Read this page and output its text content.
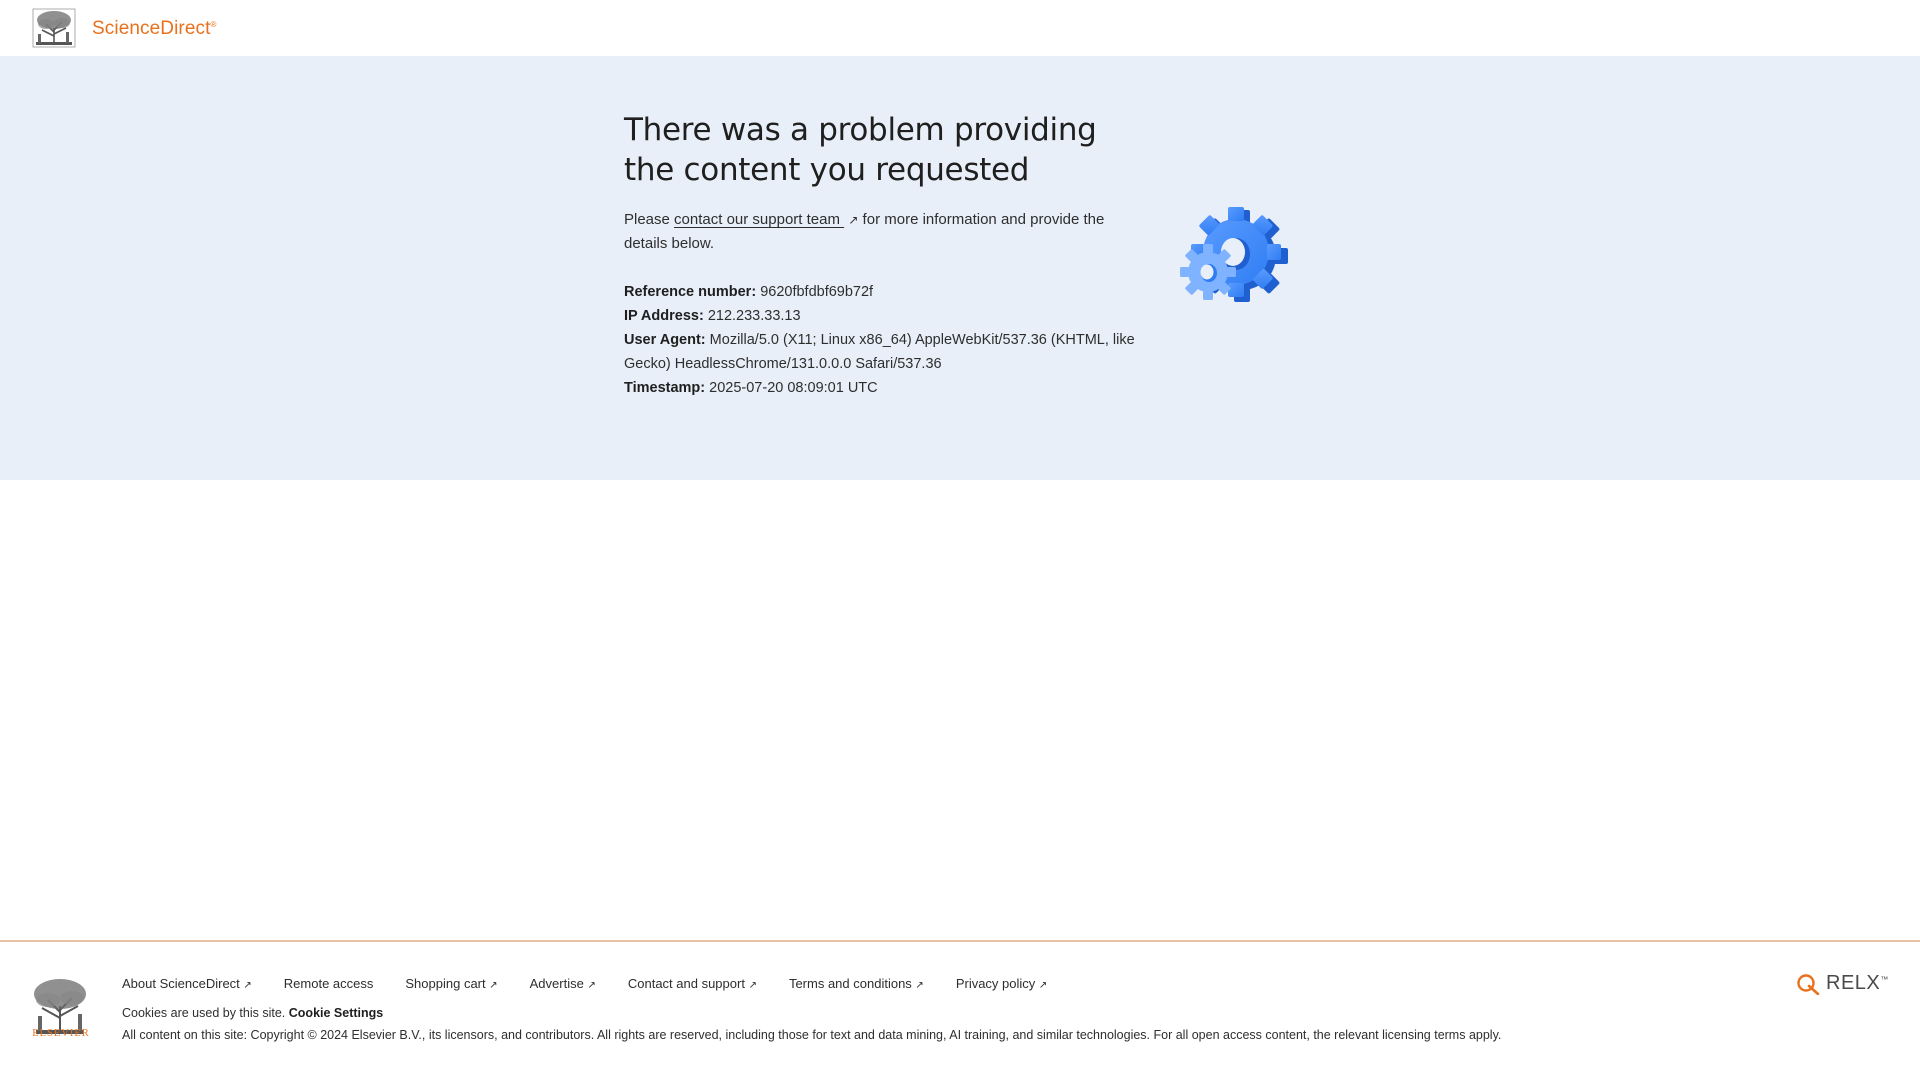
ScienceDirect®
There was a problem providing the content you requested

Please contact our support team ↗ for more information and provide the details below.

Reference number: 9620fbfdbf69b72f
IP Address: 212.233.33.13
User Agent: Mozilla/5.0 (X11; Linux x86_64) AppleWebKit/537.36 (KHTML, like Gecko) HeadlessChrome/131.0.0.0 Safari/537.36
Timestamp: 2025-07-20 08:09:01 UTC
ELSEVIER
About ScienceDirect ↗ Remote access Shopping cart ↗ Advertise ↗ Contact and support ↗ Terms and conditions ↗ Privacy policy ↗
Cookies are used by this site. Cookie Settings
All content on this site: Copyright © 2024 Elsevier B.V., its licensors, and contributors. All rights are reserved, including those for text and data mining, AI training, and similar technologies. For all open access content, the relevant licensing terms apply.
RELX ™
